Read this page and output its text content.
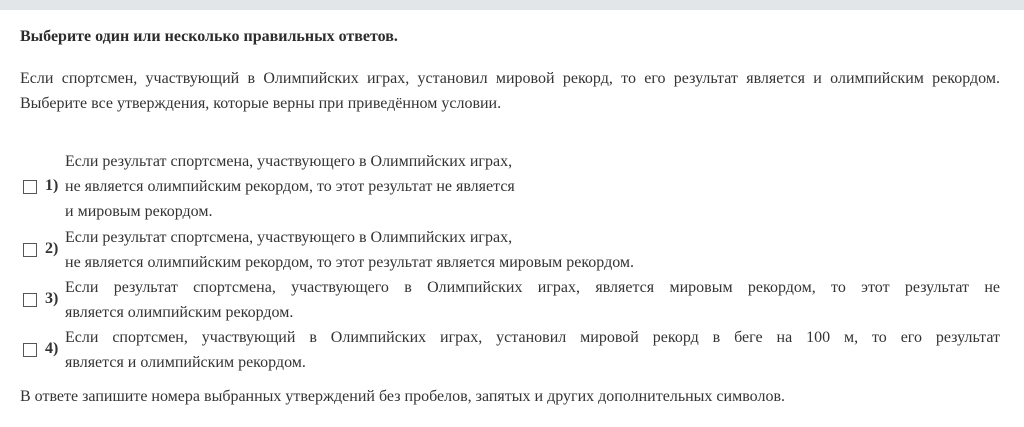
Выберите один или несколько правильных ответов.
Если спортсмен, участвующий в Олимпийских играх, установил мировой рекорд, то его результат является и олимпийским рекордом. Выберите все утверждения, которые верны при приведённом условии.
1)
Если результат спортсмена, участвующего в Олимпийских играх,
не является олимпийским рекордом, то этот результат не является
и мировым рекордом.
2)
Если результат спортсмена, участвующего в Олимпийских играх,
не является олимпийским рекордом, то этот результат является мировым рекордом.
3)
Если результат спортсмена, участвующего в Олимпийских играх, является мировым рекордом, то этот результат не
является олимпийским рекордом.
4)
Если спортсмен, участвующий в Олимпийских играх, установил мировой рекорд в беге на 100 м, то его результат
является и олимпийским рекордом.
В ответе запишите номера выбранных утверждений без пробелов, запятых и других дополнительных символов.
